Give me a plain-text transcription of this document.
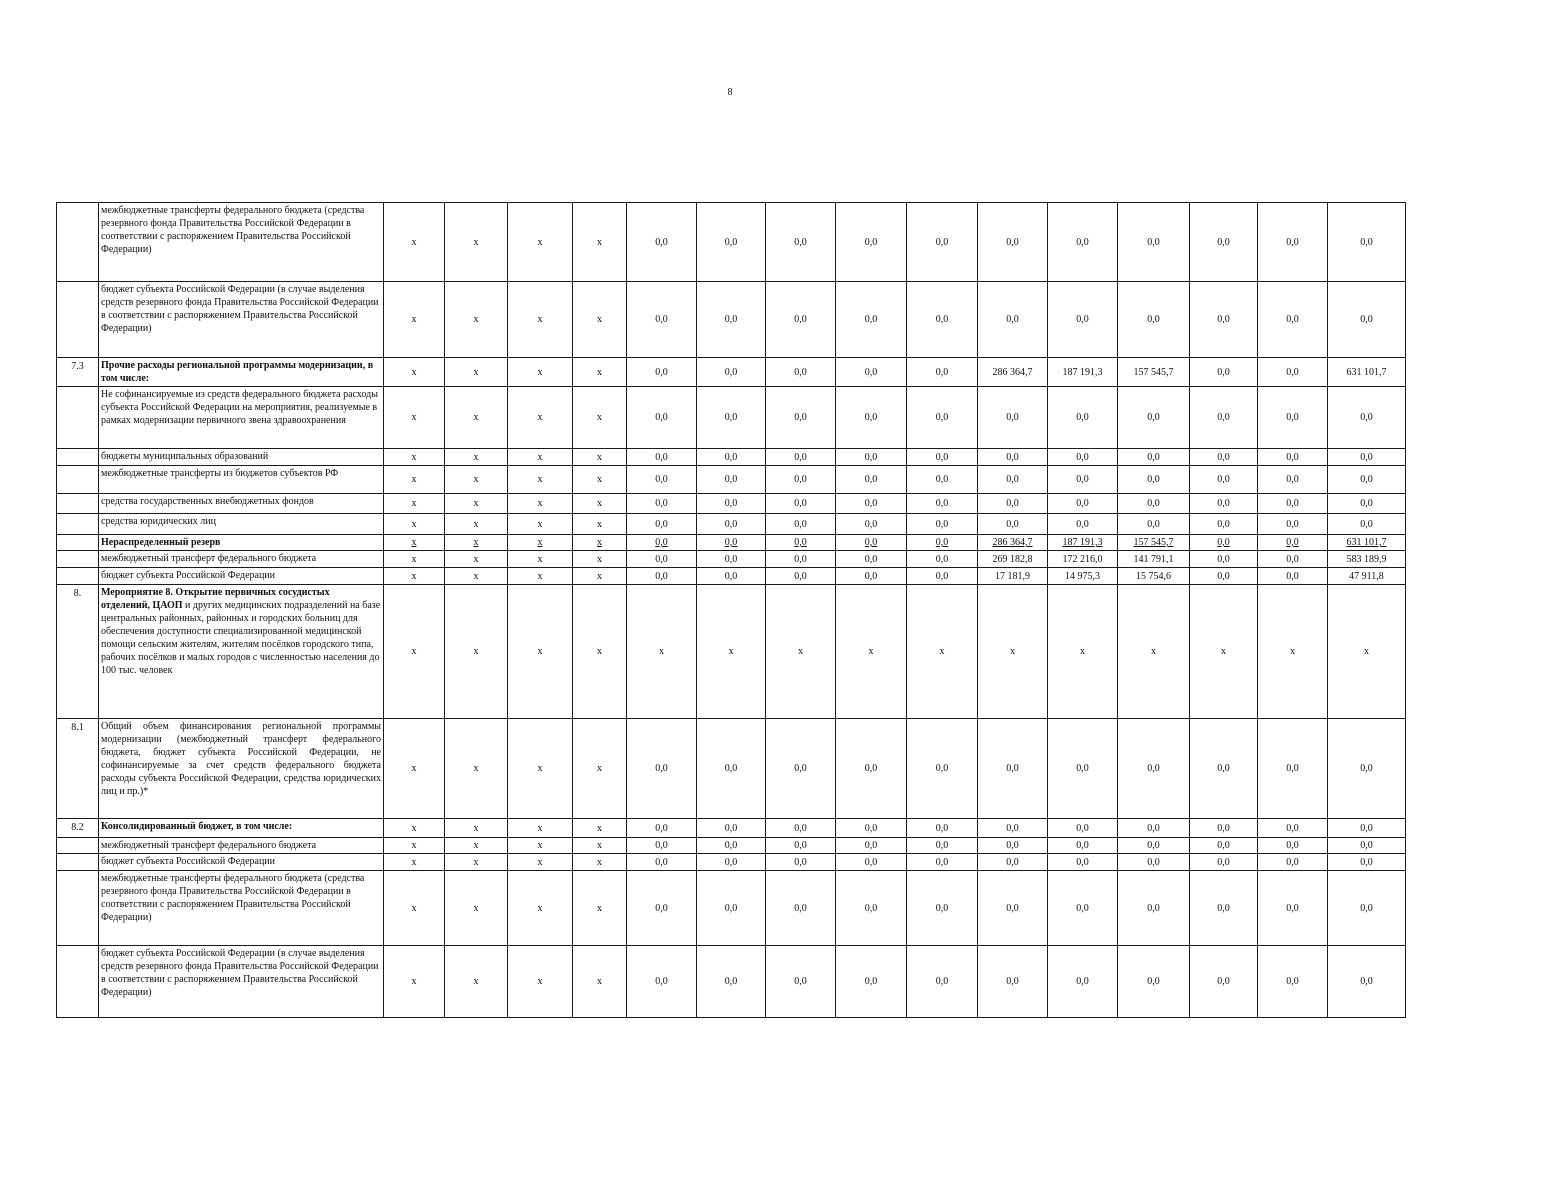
8
	межбюджетные трансферты федерального бюджета (средства резервного фонда Правительства Российской Федерации в соответствии с распоряжением Правительства Российской Федерации)	x	x	x	x	0,0	0,0	0,0	0,0	0,0	0,0	0,0	0,0	0,0	0,0	0,0
	бюджет субъекта Российской Федерации (в случае выделения средств резервного фонда Правительства Российской Федерации в соответствии с распоряжением Правительства Российской Федерации)	x	x	x	x	0,0	0,0	0,0	0,0	0,0	0,0	0,0	0,0	0,0	0,0	0,0
7.3	Прочие расходы региональной программы модернизации, в том числе:	x	x	x	x	0,0	0,0	0,0	0,0	0,0	286 364,7	187 191,3	157 545,7	0,0	0,0	631 101,7
	Не софинансируемые из средств федерального бюджета расходы субъекта Российской Федерации на мероприятия, реализуемые в рамках модернизации первичного звена здравоохранения	x	x	x	x	0,0	0,0	0,0	0,0	0,0	0,0	0,0	0,0	0,0	0,0	0,0
	бюджеты муниципальных образований	x	x	x	x	0,0	0,0	0,0	0,0	0,0	0,0	0,0	0,0	0,0	0,0	0,0
	межбюджетные трансферты из бюджетов субъектов РФ	x	x	x	x	0,0	0,0	0,0	0,0	0,0	0,0	0,0	0,0	0,0	0,0	0,0
	средства государственных внебюджетных фондов	x	x	x	x	0,0	0,0	0,0	0,0	0,0	0,0	0,0	0,0	0,0	0,0	0,0
	средства юридических лиц	x	x	x	x	0,0	0,0	0,0	0,0	0,0	0,0	0,0	0,0	0,0	0,0	0,0
	Нераспределенный резерв	x	x	x	x	0,0	0,0	0,0	0,0	0,0	286 364,7	187 191,3	157 545,7	0,0	0,0	631 101,7
	межбюджетный трансферт федерального бюджета	x	x	x	x	0,0	0,0	0,0	0,0	0,0	269 182,8	172 216,0	141 791,1	0,0	0,0	583 189,9
	бюджет субъекта Российской Федерации	x	x	x	x	0,0	0,0	0,0	0,0	0,0	17 181,9	14 975,3	15 754,6	0,0	0,0	47 911,8
8.	Мероприятие 8. Открытие первичных сосудистых отделений, ЦАОП и других медицинских подразделений на базе центральных районных, районных и городских больниц для обеспечения доступности специализированной медицинской помощи сельским жителям, жителям посёлков городского типа, рабочих посёлков и малых городов с численностью населения до 100 тыс. человек	x	x	x	x	x	x	x	x	x	x	x	x	x	x	x
8.1	Общий объем финансирования региональной программы модернизации (межбюджетный трансферт федерального бюджета, бюджет субъекта Российской Федерации, не софинансируемые за счет средств федерального бюджета расходы субъекта Российской Федерации, средства юридических лиц и пр.)*	x	x	x	x	0,0	0,0	0,0	0,0	0,0	0,0	0,0	0,0	0,0	0,0	0,0
8.2	Консолидированный бюджет, в том числе:	x	x	x	x	0,0	0,0	0,0	0,0	0,0	0,0	0,0	0,0	0,0	0,0	0,0
	межбюджетный трансферт федерального бюджета	x	x	x	x	0,0	0,0	0,0	0,0	0,0	0,0	0,0	0,0	0,0	0,0	0,0
	бюджет субъекта Российской Федерации	x	x	x	x	0,0	0,0	0,0	0,0	0,0	0,0	0,0	0,0	0,0	0,0	0,0
	межбюджетные трансферты федерального бюджета (средства резервного фонда Правительства Российской Федерации в соответствии с распоряжением Правительства Российской Федерации)	x	x	x	x	0,0	0,0	0,0	0,0	0,0	0,0	0,0	0,0	0,0	0,0	0,0
	бюджет субъекта Российской Федерации (в случае выделения средств резервного фонда Правительства Российской Федерации в соответствии с распоряжением Правительства Российской Федерации)	x	x	x	x	0,0	0,0	0,0	0,0	0,0	0,0	0,0	0,0	0,0	0,0	0,0
